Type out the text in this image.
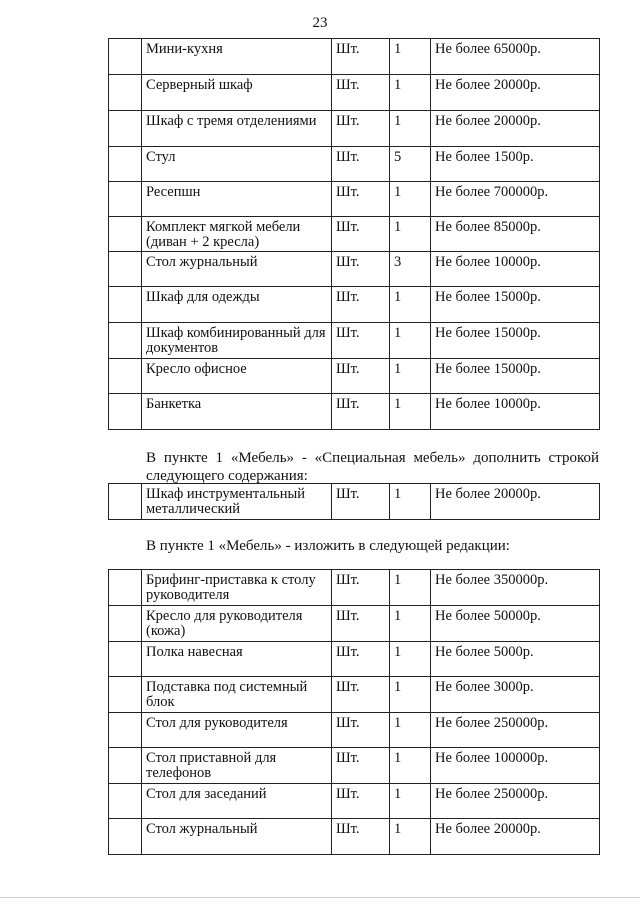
23
	Мини-кухня	Шт.	1	Не более 65000р.
	Серверный шкаф	Шт.	1	Не более 20000р.
	Шкаф с тремя отделениями	Шт.	1	Не более 20000р.
	Стул	Шт.	5	Не более 1500р.
	Ресепшн	Шт.	1	Не более 700000р.
	Комплект мягкой мебели (диван + 2 кресла)	Шт.	1	Не более 85000р.
	Стол журнальный	Шт.	3	Не более 10000р.
	Шкаф для одежды	Шт.	1	Не более 15000р.
	Шкаф комбинированный для документов	Шт.	1	Не более 15000р.
	Кресло офисное	Шт.	1	Не более 15000р.
	Банкетка	Шт.	1	Не более 10000р.
В пункте 1 «Мебель» - «Специальная мебель» дополнить строкой следующего содержания:
	Шкаф инструментальный металлический	Шт.	1	Не более 20000р.
В пункте 1 «Мебель» - изложить в следующей редакции:
	Брифинг-приставка к столу руководителя	Шт.	1	Не более 350000р.
	Кресло для руководителя (кожа)	Шт.	1	Не более 50000р.
	Полка навесная	Шт.	1	Не более 5000р.
	Подставка под системный блок	Шт.	1	Не более 3000р.
	Стол для руководителя	Шт.	1	Не более 250000р.
	Стол приставной для телефонов	Шт.	1	Не более 100000р.
	Стол для заседаний	Шт.	1	Не более 250000р.
	Стол журнальный	Шт.	1	Не более 20000р.
